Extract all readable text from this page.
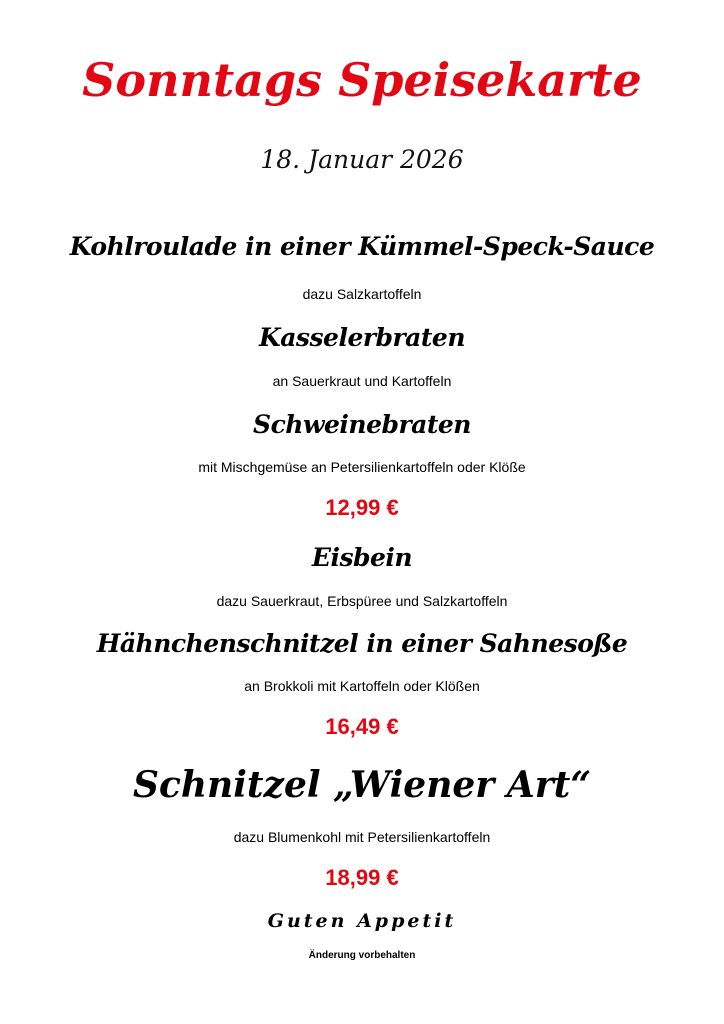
Sonntags Speisekarte
18. Januar 2026
Kohlroulade in einer Kümmel-Speck-Sauce
dazu Salzkartoffeln
Kasselerbraten
an Sauerkraut und Kartoffeln
Schweinebraten
mit Mischgemüse an Petersilienkartoffeln oder Klöße
12,99 €
Eisbein
dazu Sauerkraut, Erbspüree und Salzkartoffeln
Hähnchenschnitzel in einer Sahnesoße
an Brokkoli mit Kartoffeln oder Klößen
16,49 €
Schnitzel „Wiener Art“
dazu Blumenkohl mit Petersilienkartoffeln
18,99 €
Guten Appetit
Änderung vorbehalten
